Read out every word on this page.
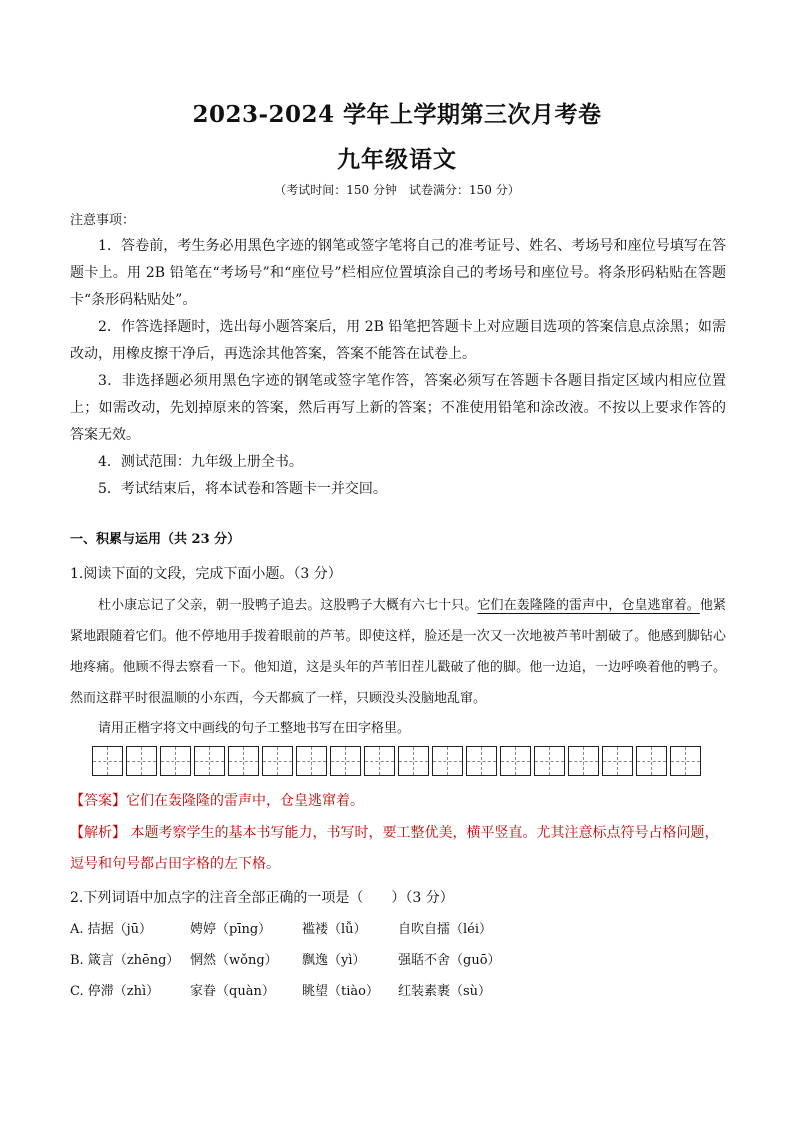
2023-2024 学年上学期第三次月考卷
九年级语文
（考试时间：150 分钟　试卷满分：150 分）
注意事项：
1．答卷前，考生务必用黑色字迹的钢笔或签字笔将自己的准考证号、姓名、考场号和座位号填写在答题卡上。用 2B 铅笔在“考场号”和“座位号”栏相应位置填涂自己的考场号和座位号。将条形码粘贴在答题卡“条形码粘贴处”。
2．作答选择题时，选出每小题答案后，用 2B 铅笔把答题卡上对应题目选项的答案信息点涂黑；如需改动，用橡皮擦干净后，再选涂其他答案，答案不能答在试卷上。
3．非选择题必须用黑色字迹的钢笔或签字笔作答，答案必须写在答题卡各题目指定区域内相应位置上；如需改动，先划掉原来的答案，然后再写上新的答案；不准使用铅笔和涂改液。不按以上要求作答的答案无效。
4．测试范围：九年级上册全书。
5．考试结束后，将本试卷和答题卡一并交回。
一、积累与运用（共 23 分）
1.阅读下面的文段，完成下面小题。（3 分）
杜小康忘记了父亲，朝一股鸭子追去。这股鸭子大概有六七十只。它们在轰隆隆的雷声中，仓皇逃窜着。他紧紧地跟随着它们。他不停地用手拨着眼前的芦苇。即使这样，脸还是一次又一次地被芦苇叶割破了。他感到脚钻心地疼痛。他顾不得去察看一下。他知道，这是头年的芦苇旧茬儿戳破了他的脚。他一边追，一边呼唤着他的鸭子。然而这群平时很温顺的小东西，今天都疯了一样，只顾没头没脑地乱窜。
请用正楷字将文中画线的句子工整地书写在田字格里。
【答案】它们在轰隆隆的雷声中，仓皇逃窜着。
【解析】 本题考察学生的基本书写能力，书写时，要工整优美，横平竖直。尤其注意标点符号占格问题，逗号和句号都占田字格的左下格。
2.下列词语中加点字的注音全部正确的一项是（　　）（3 分）
A. 拮据（jū）	娉婷（pīng） 褴褛（lǚ） 自吹自擂（léi）
B. 箴言（zhēng） 惘然（wǒng） 飘逸（yì） 强聒不舍（guō）
C. 停滞（zhì） 家眷（quàn） 眺望（tiào） 红装素裹（sù）
